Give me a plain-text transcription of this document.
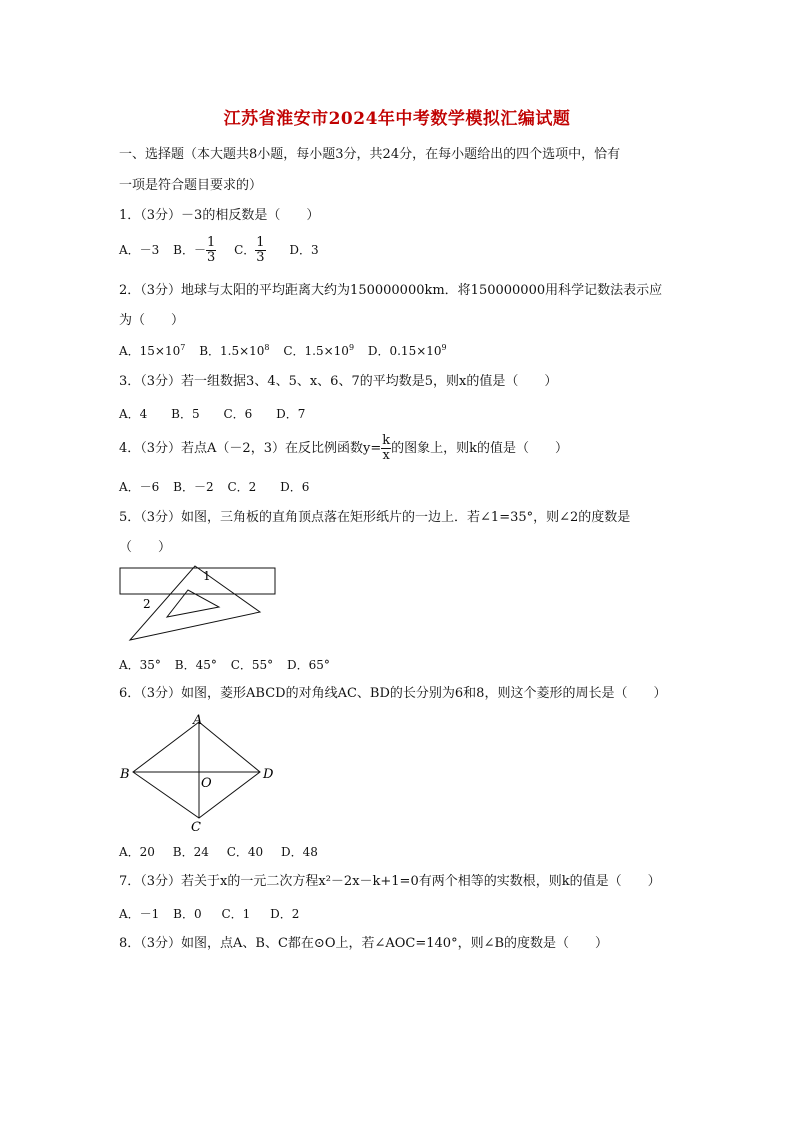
江苏省淮安市2024年中考数学模拟汇编试题
一、选择题（本大题共8小题，每小题3分，共24分，在每小题给出的四个选项中，恰有
一项是符合题目要求的）
1．（3分）－3的相反数是（　　）
A．－3 B．－ $\frac{1}{3}$ C． $\frac{1}{3}$ D．3
2．（3分）地球与太阳的平均距离大约为150000000km．将150000000用科学记数法表示应
为（　　）
A．$15\times 10^7$ B．$1.5\times 10^8$ C．$1.5\times 10^9$ D．$0.15\times 10^9$
3．（3分）若一组数据3、4、5、x、6、7的平均数是5，则x的值是（　　）
A．4 B．5 C．6 D．7
4．（3分）若点A（－2，3）在反比例函数$y= \frac{k}{x}$ 的图象上，则k的值是（　　）
A．－6 B．－2 C．2 D．6
5．（3分）如图，三角板的直角顶点落在矩形纸片的一边上．若∠1=35°，则∠2的度数是
（　　）
1
2
A．35° B．45° C．55° D．65°
6．（3分）如图，菱形ABCD的对角线AC、BD的长分别为6和8，则这个菱形的周长是（　　）
A
B	D
C
O
A．20 B．24 C．40 D．48
7．（3分）若关于x的一元二次方程x²－2x－k+1=0有两个相等的实数根，则k的值是（　　）
A．－1 B．0 C．1 D．2
8．（3分）如图，点A、B、C都在⊙O上，若∠AOC=140°，则∠B的度数是（　　）
